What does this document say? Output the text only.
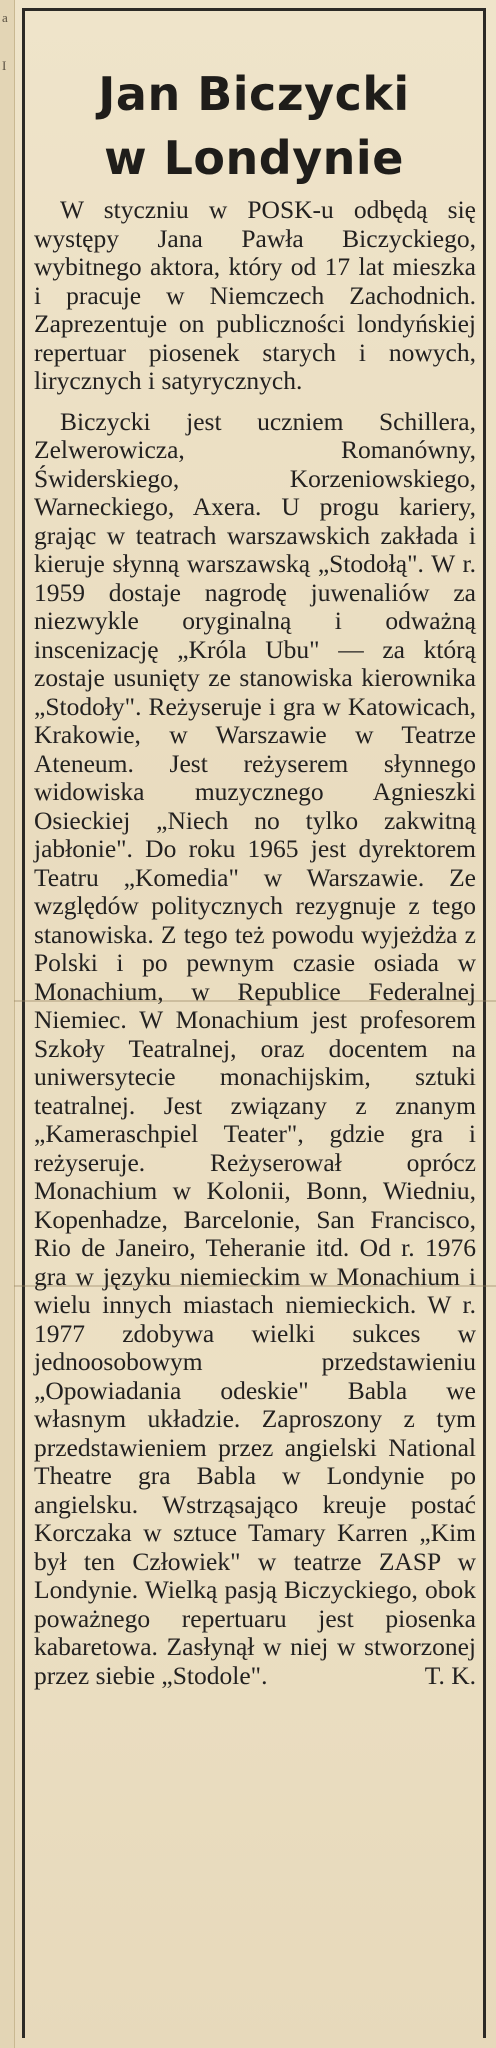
a
I
Jan Biczycki
w Londynie

W styczniu w POSK-u odbędą się występy Jana Pawła Biczyckiego, wybitnego aktora, który od 17 lat mieszka i pracuje w Niemczech Zachodnich. Zaprezentuje on publiczności londyńskiej repertuar piosenek starych i nowych, lirycznych i satyrycznych.

Biczycki jest uczniem Schillera, Zelwerowicza, Romanówny, Świderskiego, Korzeniowskiego, Warneckiego, Axera. U progu kariery, grając w teatrach warszawskich zakłada i kieruje słynną warszawską „Stodołą". W r. 1959 dostaje nagrodę juwenaliów za niezwykle oryginalną i odważną inscenizację „Króla Ubu" — za którą zostaje usunięty ze stanowiska kierownika „Stodoły". Reżyseruje i gra w Katowicach, Krakowie, w Warszawie w Teatrze Ateneum. Jest reżyserem słynnego widowiska muzycznego Agnieszki Osieckiej „Niech no tylko zakwitną jabłonie". Do roku 1965 jest dyrektorem Teatru „Komedia" w Warszawie. Ze względów politycznych rezygnuje z tego stanowiska. Z tego też powodu wyjeżdża z Polski i po pewnym czasie osiada w Monachium, w Republice Federalnej Niemiec. W Monachium jest profesorem Szkoły Teatralnej, oraz docentem na uniwersytecie monachijskim, sztuki teatralnej. Jest związany z znanym „Kameraschpiel Teater", gdzie gra i reżyseruje. Reżyserował oprócz Monachium w Kolonii, Bonn, Wiedniu, Kopenhadze, Barcelonie, San Francisco, Rio de Janeiro, Teheranie itd. Od r. 1976 gra w języku niemieckim w Monachium i wielu innych miastach niemieckich. W r. 1977 zdobywa wielki sukces w jednoosobowym przedstawieniu „Opowiadania odeskie" Babla we własnym układzie. Zaproszony z tym przedstawieniem przez angielski National Theatre gra Babla w Londynie po angielsku. Wstrząsająco kreuje postać Korczaka w sztuce Tamary Karren „Kim był ten Człowiek" w teatrze ZASP w Londynie. Wielką pasją Biczyckiego, obok poważnego repertuaru jest piosenka kabaretowa. Zasłynął w niej w stworzonej przez siebie „Stodole".	T. K.
